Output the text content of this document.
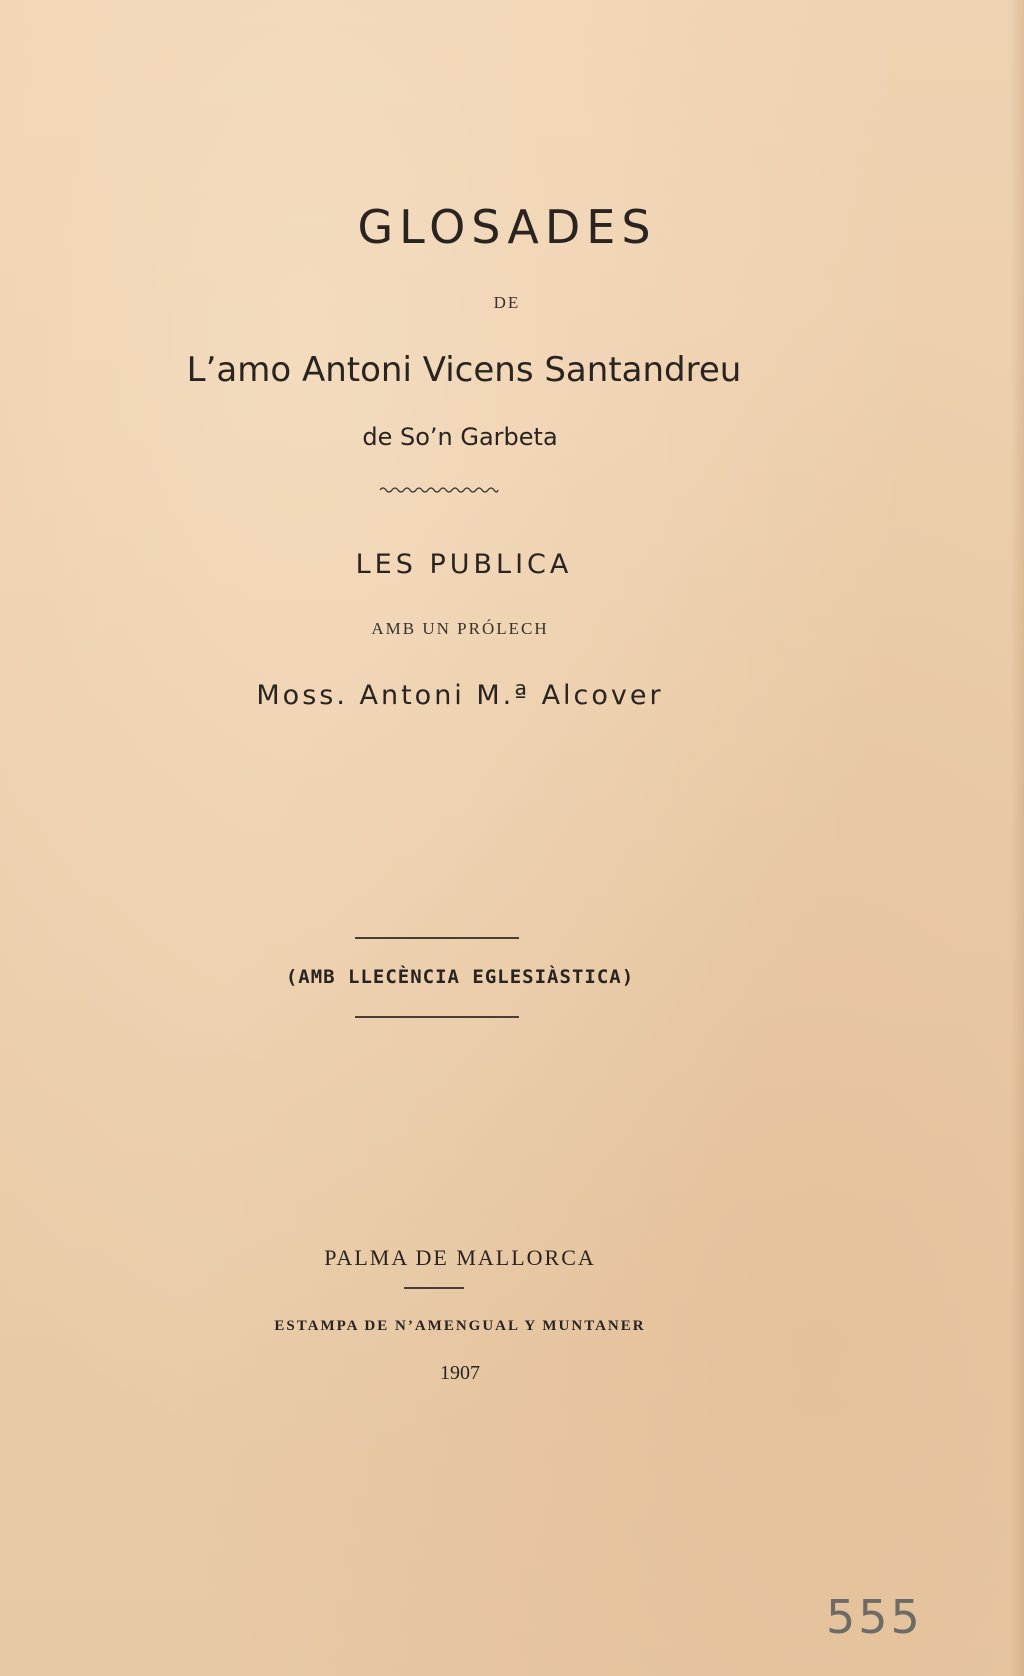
GLOSADES
DE
L’amo Antoni Vicens Santandreu
de So’n Garbeta
LES PUBLICA
AMB UN PRÓLECH
Moss. Antoni M.ª Alcover
(AMB LLECÈNCIA EGLESIÀSTICA)
PALMA DE MALLORCA
ESTAMPA DE N’AMENGUAL Y MUNTANER
1907
555
